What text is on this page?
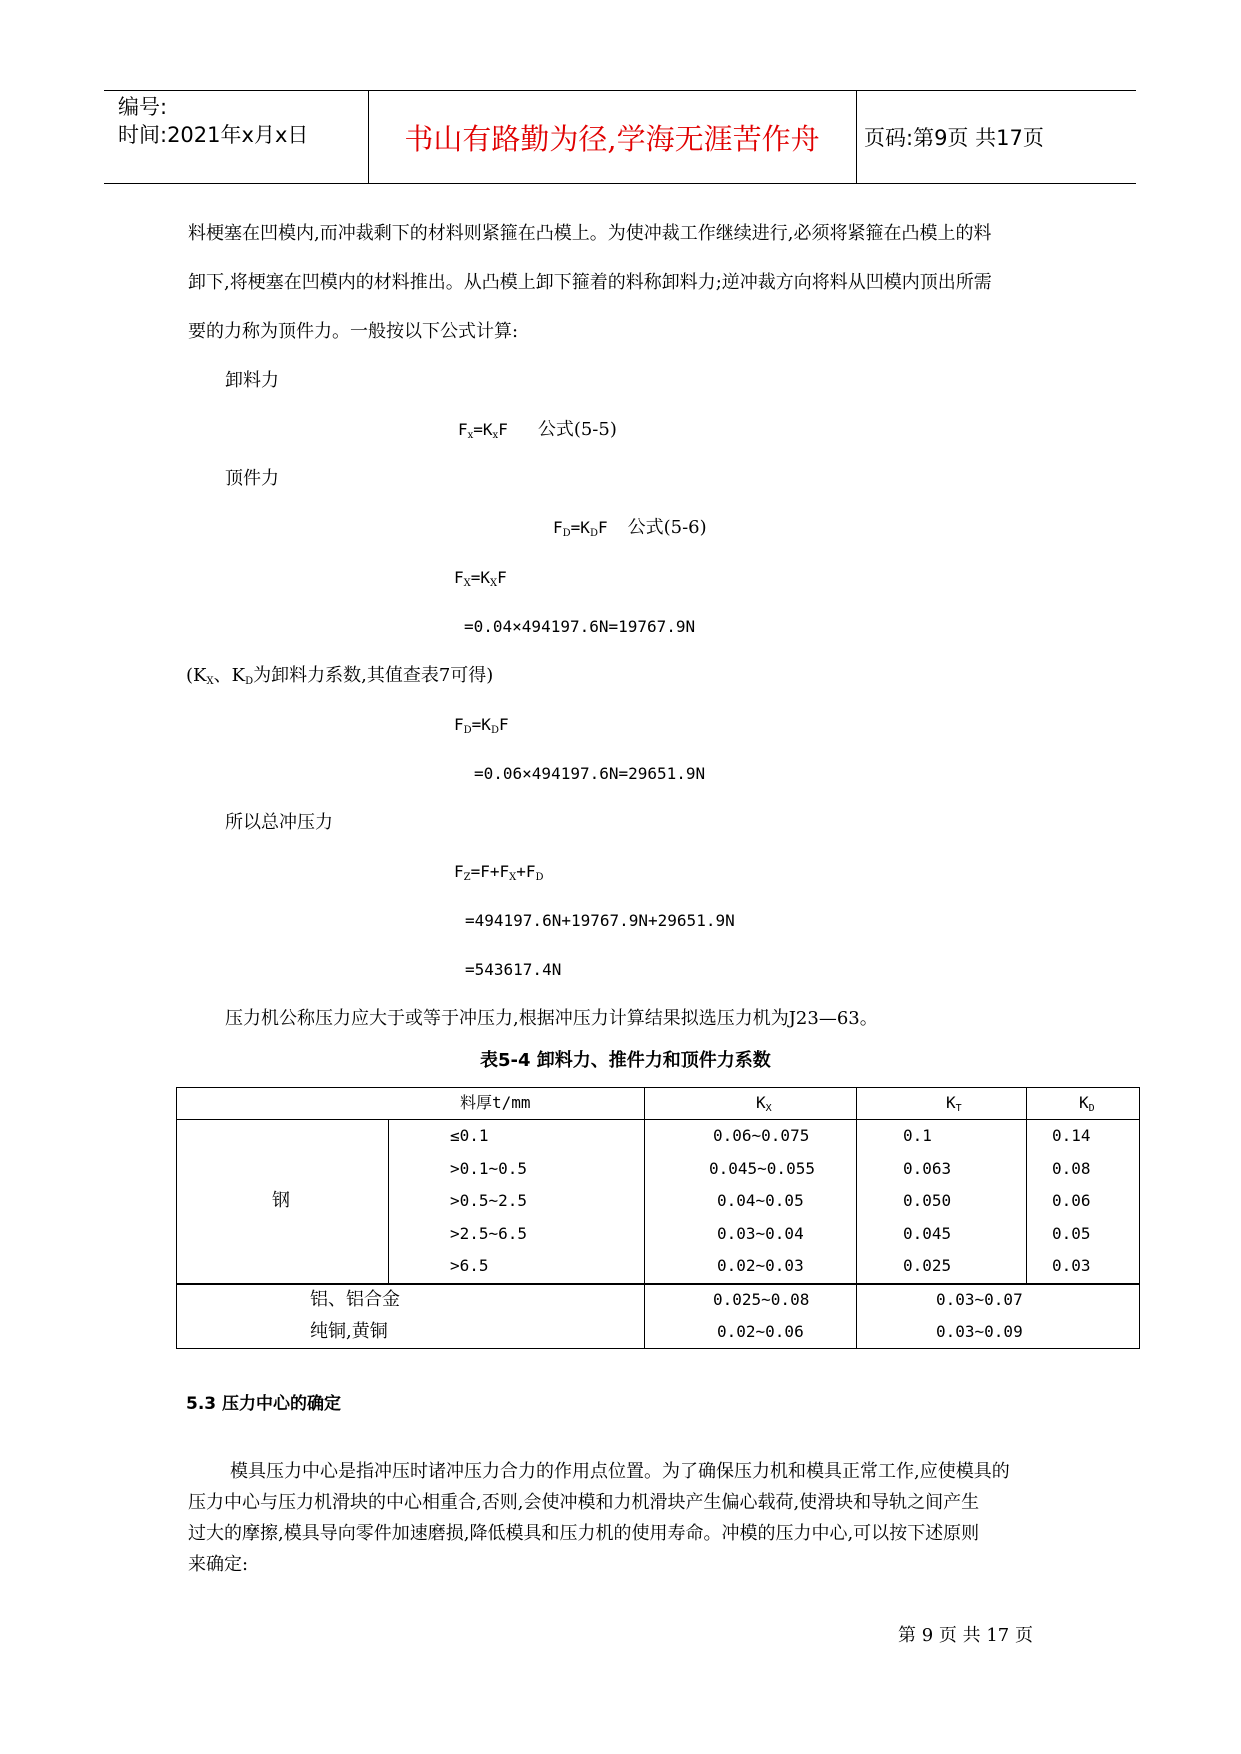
编号:
时间:2021年x月x日	书山有路勤为径,学海无涯苦作舟	页码:第9页 共17页
料梗塞在凹模内,而冲裁剩下的材料则紧箍在凸模上。为使冲裁工作继续进行,必须将紧箍在凸模上的料
卸下,将梗塞在凹模内的材料推出。从凸模上卸下箍着的料称卸料力;逆冲裁方向将料从凹模内顶出所需
要的力称为顶件力。一般按以下公式计算:
卸料力
$F_x=K_xF$ 公式(5-5)
顶件力
$F_D=K_DF$ 公式(5-6)
$F_X=K_XF$
=0.04×494197.6N=19767.9N
($K_X$、$K_D$为卸料力系数,其值查表7可得)
$F_D=K_DF$
=0.06×494197.6N=29651.9N
所以总冲压力
$F_Z=F+F_X+F_D$
=494197.6N+19767.9N+29651.9N
=543617.4N
压力机公称压力应大于或等于冲压力,根据冲压力计算结果拟选压力机为J23—63。
表5-4 卸料力、推件力和顶件力系数
料厚t/mm	$K_X$	$K_T$	$K_D$
钢
≤0.1	0.06~0.075	0.1	0.14
>0.1~0.5	0.045~0.055	0.063	0.08
>0.5~2.5	0.04~0.05	0.050	0.06
>2.5~6.5	0.03~0.04	0.045	0.05
>6.5	0.02~0.03	0.025	0.03
铝、铝合金	0.025~0.08	0.03~0.07
纯铜,黄铜	0.02~0.06	0.03~0.09
5.3 压力中心的确定
模具压力中心是指冲压时诸冲压力合力的作用点位置。为了确保压力机和模具正常工作,应使模具的
压力中心与压力机滑块的中心相重合,否则,会使冲模和力机滑块产生偏心载荷,使滑块和导轨之间产生
过大的摩擦,模具导向零件加速磨损,降低模具和压力机的使用寿命。冲模的压力中心,可以按下述原则
来确定:
第 9 页 共 17 页
